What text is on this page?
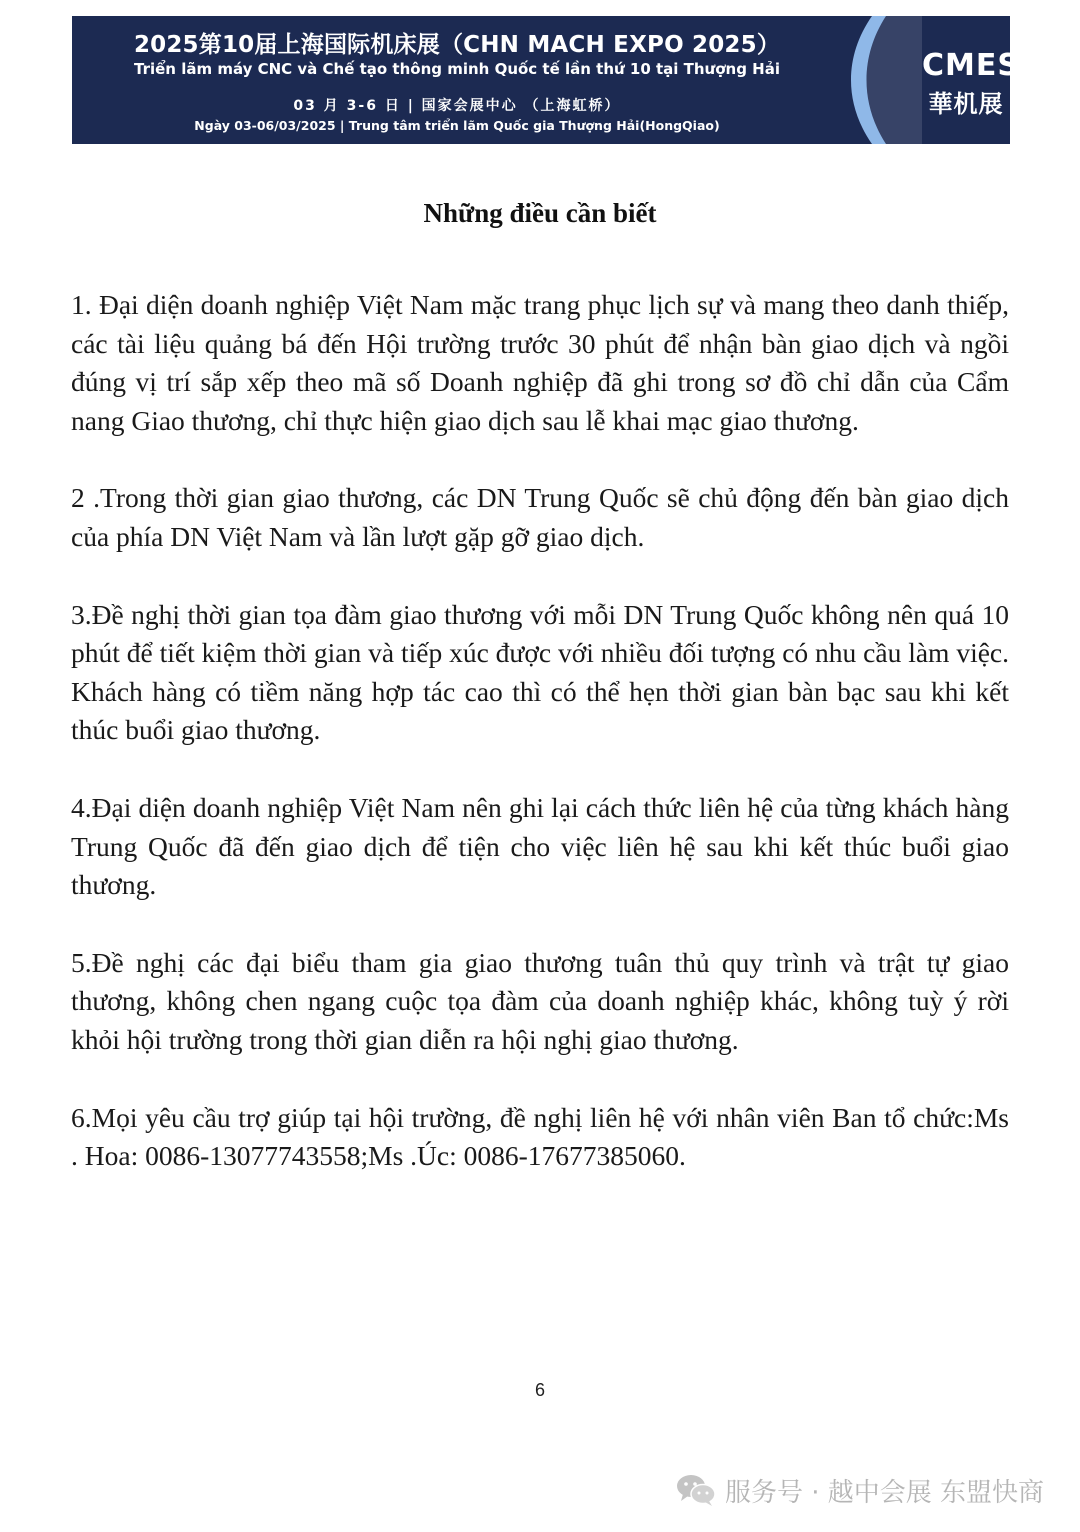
2025第10届上海国际机床展（CHN MACH EXPO 2025）
Triển lãm máy CNC và Chế tạo thông minh Quốc tế lần thứ 10 tại Thượng Hải
03 月 3-6 日 | 国家会展中心 （上海虹桥）
Ngày 03-06/03/2025 | Trung tâm triển lãm Quốc gia Thượng Hải(HongQiao)
CMES
華机展
Những điều cần biết

1. Đại diện doanh nghiệp Việt Nam mặc trang phục lịch sự và mang theo danh thiếp, các tài liệu quảng bá đến Hội trường trước 30 phút để nhận bàn giao dịch và ngồi đúng vị trí sắp xếp theo mã số Doanh nghiệp đã ghi trong sơ đồ chỉ dẫn của Cẩm nang Giao thương, chỉ thực hiện giao dịch sau lễ khai mạc giao thương.

2 .Trong thời gian giao thương, các DN Trung Quốc sẽ chủ động đến bàn giao dịch của phía DN Việt Nam và lần lượt gặp gỡ giao dịch.

3.Đề nghị thời gian tọa đàm giao thương với mỗi DN Trung Quốc không nên quá 10 phút để tiết kiệm thời gian và tiếp xúc được với nhiều đối tượng có nhu cầu làm việc. Khách hàng có tiềm năng hợp tác cao thì có thể hẹn thời gian bàn bạc sau khi kết thúc buổi giao thương.

4.Đại diện doanh nghiệp Việt Nam nên ghi lại cách thức liên hệ của từng khách hàng Trung Quốc đã đến giao dịch để tiện cho việc liên hệ sau khi kết thúc buổi giao thương.

5.Đề nghị các đại biểu tham gia giao thương tuân thủ quy trình và trật tự giao thương, không chen ngang cuộc tọa đàm của doanh nghiệp khác, không tuỳ ý rời khỏi hội trường trong thời gian diễn ra hội nghị giao thương.

6.Mọi yêu cầu trợ giúp tại hội trường, đề nghị liên hệ với nhân viên Ban tổ chức:Ms . Hoa: 0086-13077743558;Ms .Úc: 0086-17677385060.

6
服务号 · 越中会展 东盟快商
